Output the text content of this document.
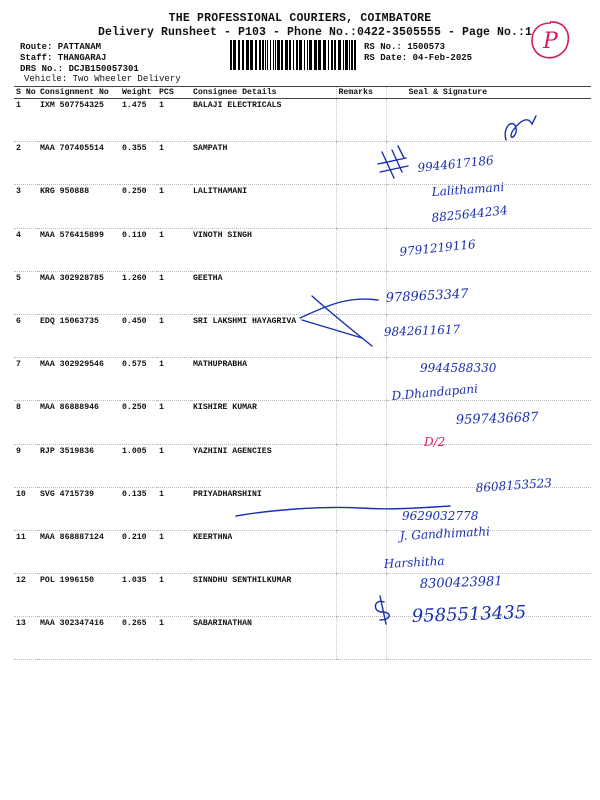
THE PROFESSIONAL COURIERS, COIMBATORE
Delivery Runsheet - P103 - Phone No.:0422-3505555 - Page No.:1
Route: PATTANAM
Staff: THANGARAJ
DRS No.: DCJB150057301
Vehicle: Two Wheeler Delivery
RS No.: 1500573
RS Date: 04-Feb-2025
P
S No	Consignment No	Weight	PCS	Consignee Details	Remarks	Seal & Signature
1	IXM 507754325	1.475	1	BALAJI ELECTRICALS		
2	MAA 707405514	0.355	1	SAMPATH		
3	KRG 950888	0.250	1	LALITHAMANI		
4	MAA 576415899	0.110	1	VINOTH SINGH		
5	MAA 302928785	1.260	1	GEETHA		
6	EDQ 15063735	0.450	1	SRI LAKSHMI HAYAGRIVA		
7	MAA 302929546	0.575	1	MATHUPRABHA		
8	MAA 86888946	0.250	1	KISHIRE KUMAR		
9	RJP 3519836	1.005	1	YAZHINI AGENCIES		
10	SVG 4715739	0.135	1	PRIYADHARSHINI		
11	MAA 868887124	0.210	1	KEERTHNA		
12	POL 1996150	1.035	1	SINNDHU SENTHILKUMAR		
13	MAA 302347416	0.265	1	SABARINATHAN		
9944617186
Lalithamani
8825644234
9791219116
9789653347
9842611617
9944588330
D.Dhandapani
9597436687
D/2
8608153523
9629032778
J. Gandhimathi
Harshitha
8300423981
9585513435
